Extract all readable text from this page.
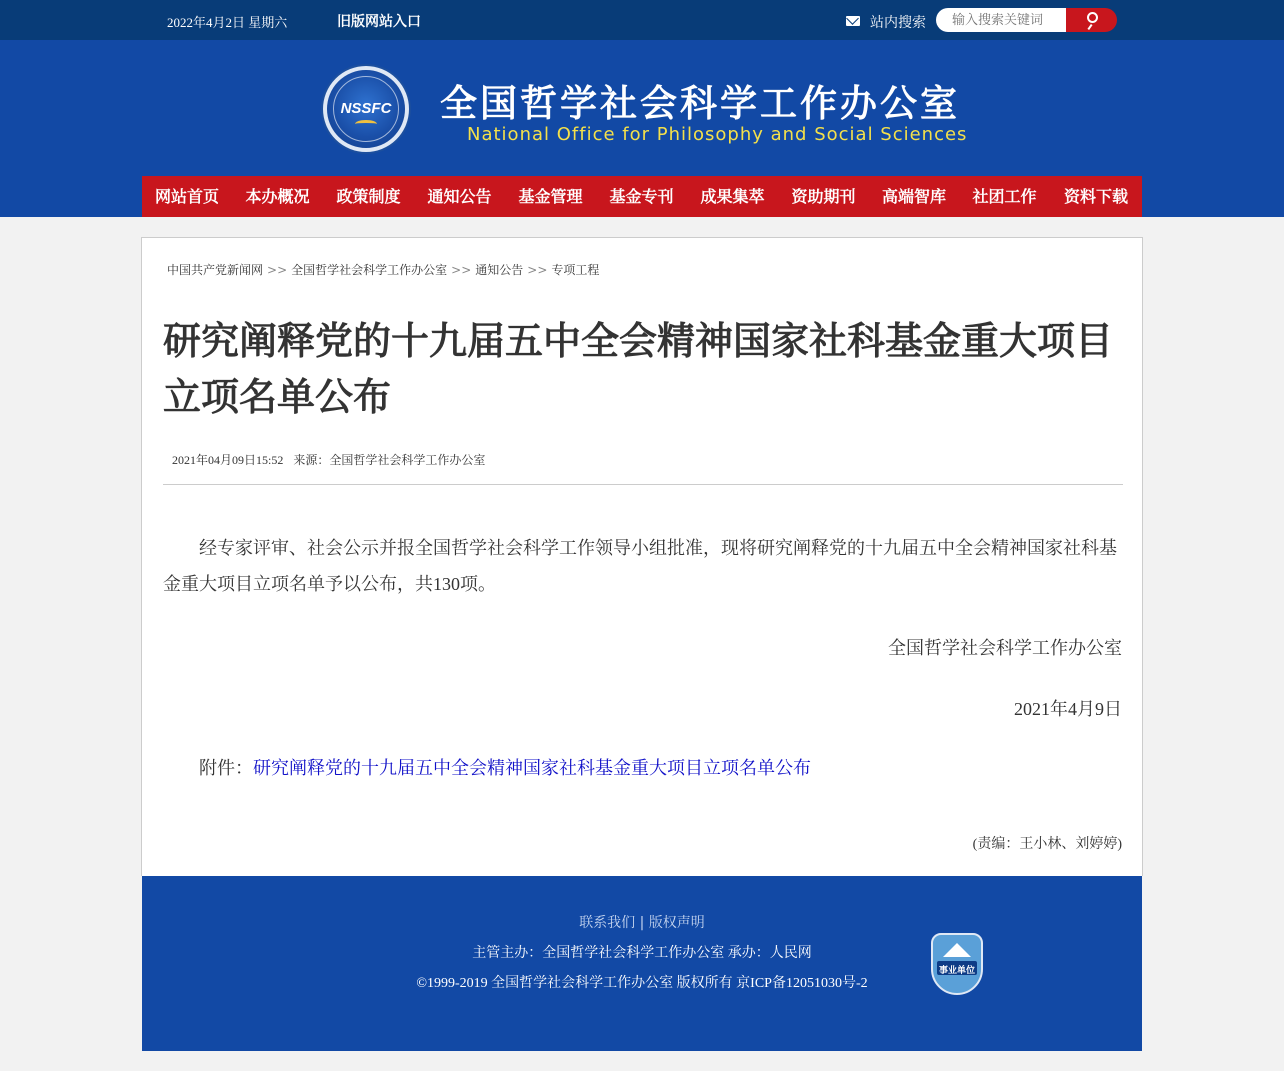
2022年4月2日 星期六	旧版网站入口	站内搜索
输入搜索关键词
NSSFC	全国哲学社会科学工作办公室
National Office for Philosophy and Social Sciences
网站首页	本办概况	政策制度	通知公告	基金管理	基金专刊	成果集萃	资助期刊	高端智库	社团工作	资料下载
中国共产党新闻网 >> 全国哲学社会科学工作办公室 >> 通知公告 >> 专项工程
研究阐释党的十九届五中全会精神国家社科基金重大项目立项名单公布
2021年04月09日15:52 来源：全国哲学社会科学工作办公室

经专家评审、社会公示并报全国哲学社会科学工作领导小组批准，现将研究阐释党的十九届五中全会精神国家社科基金重大项目立项名单予以公布，共130项。

全国哲学社会科学工作办公室
2021年4月9日
附件：研究阐释党的十九届五中全会精神国家社科基金重大项目立项名单公布
(责编：王小林、刘婷婷)
联系我们 | 版权声明
主管主办：全国哲学社会科学工作办公室 承办：人民网
©1999-2019 全国哲学社会科学工作办公室 版权所有 京ICP备12051030号-2
事业单位
